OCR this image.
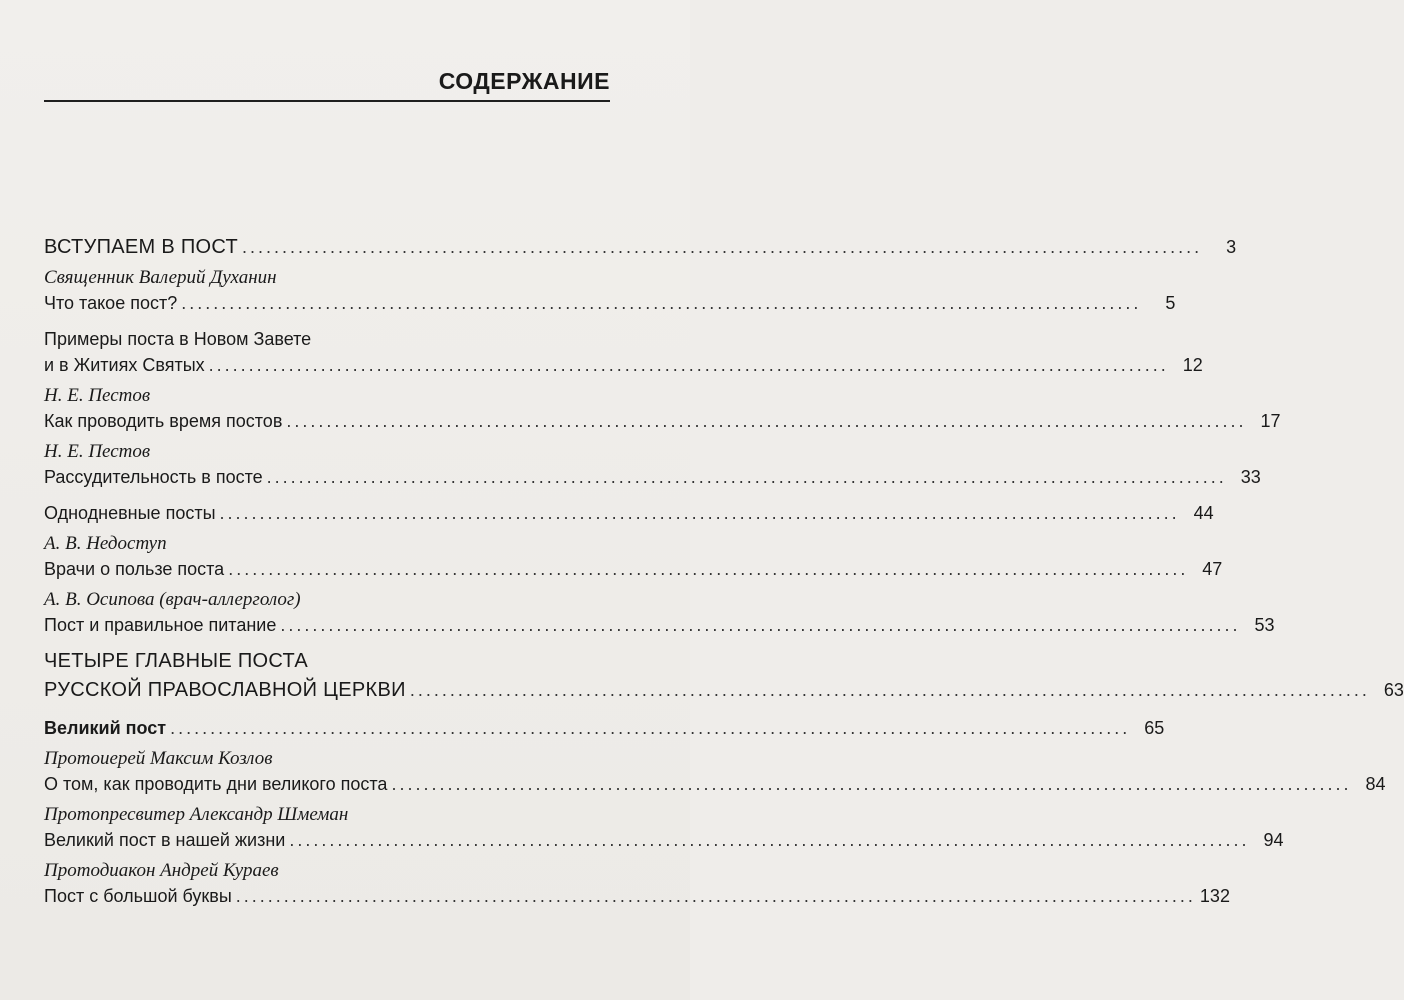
СОДЕРЖАНИЕ
ВСТУПАЕМ В ПОСТ ........................................................................................................................	3
Священник Валерий Духанин
Что такое пост? ........................................................................................................................	5
Примеры поста в Новом Завете
и в Житиях Святых ........................................................................................................................ 12
Н. Е. Пестов
Как проводить время постов ........................................................................................................................ 17
Н. Е. Пестов
Рассудительность в посте ........................................................................................................................ 33
Однодневные посты ........................................................................................................................ 44
А. В. Недоступ
Врачи о пользе поста ........................................................................................................................ 47
А. В. Осипова (врач-аллерголог)
Пост и правильное питание ........................................................................................................................ 53
ЧЕТЫРЕ ГЛАВНЫЕ ПОСТА
РУССКОЙ ПРАВОСЛАВНОЙ ЦЕРКВИ ........................................................................................................................ 63
Великий пост ........................................................................................................................ 65
Протоиерей Максим Козлов
О том, как проводить дни великого поста ........................................................................................................................ 84
Протопресвитер Александр Шмеман
Великий пост в нашей жизни ........................................................................................................................ 94
Протодиакон Андрей Кураев
Пост с большой буквы ........................................................................................................................ 132
